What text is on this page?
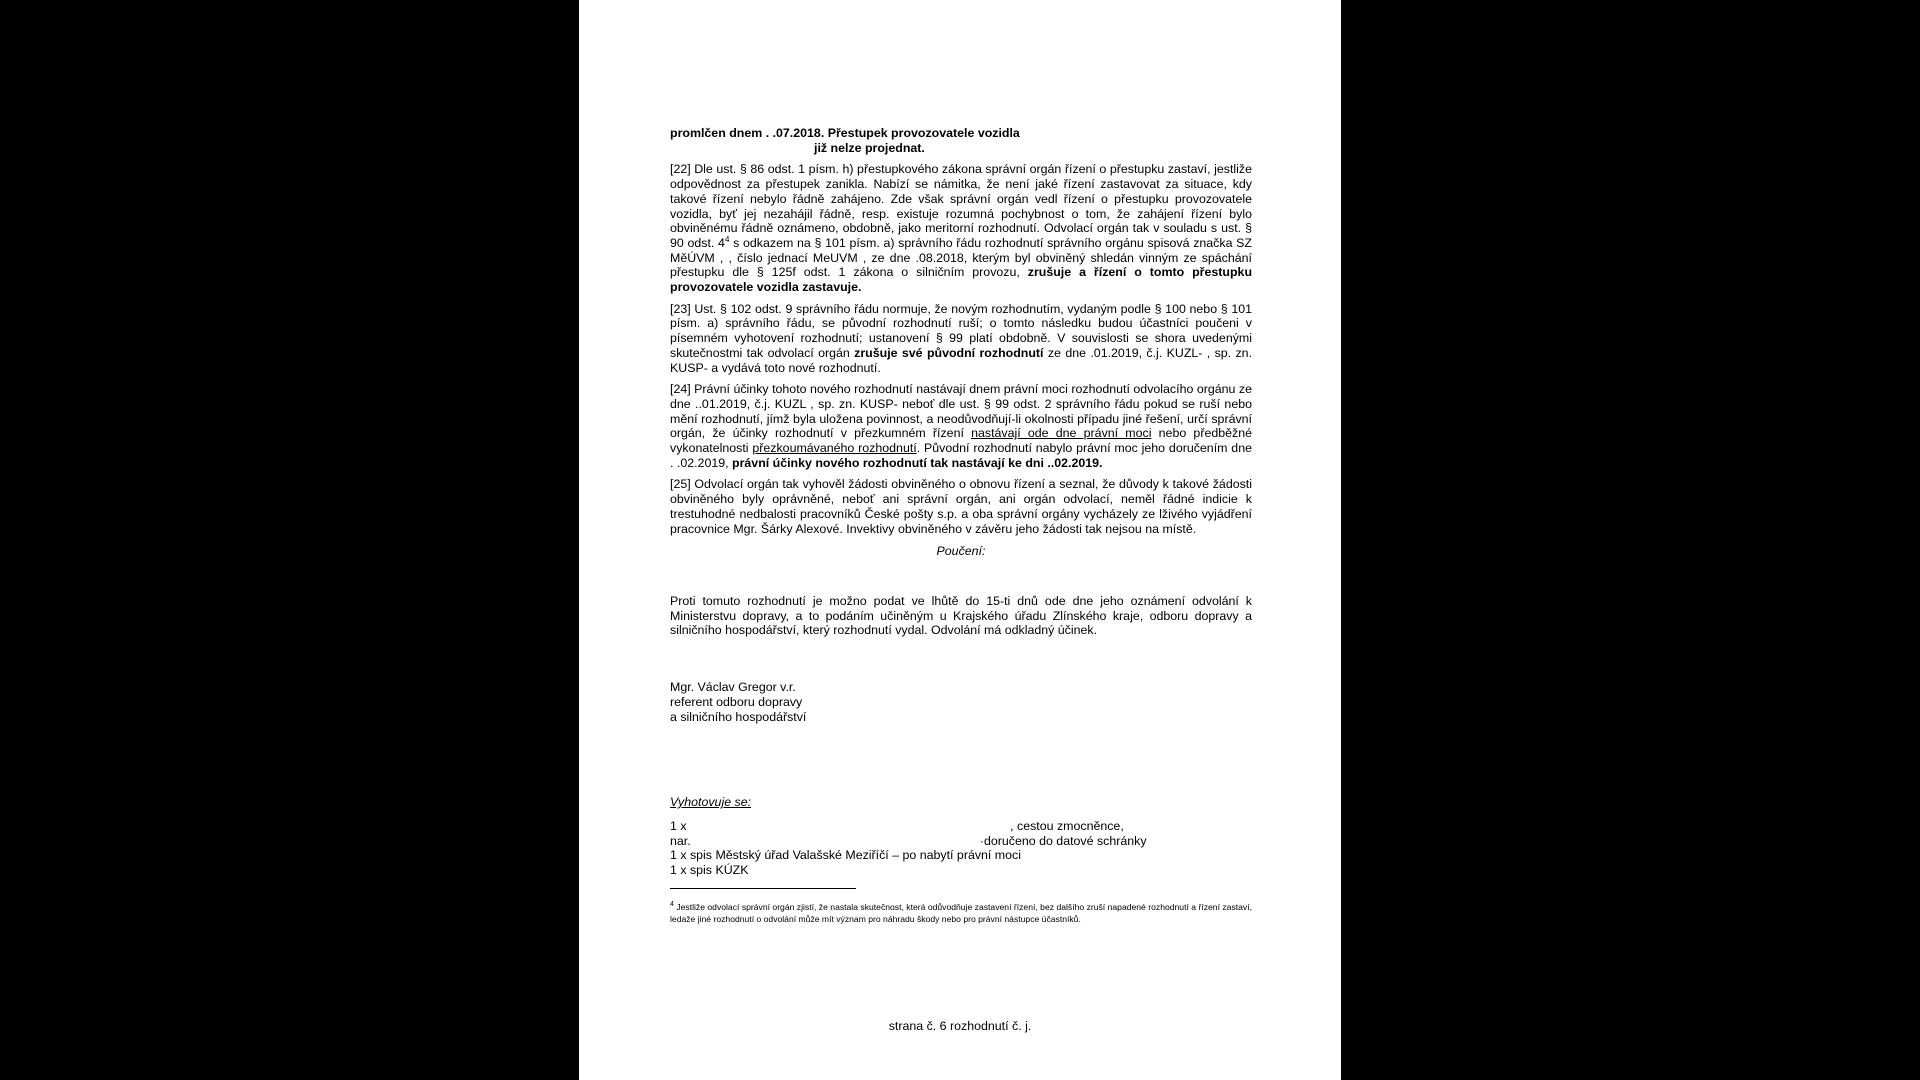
promlčen dnem . .07.2018. Přestupek provozovatele vozidla
již nelze projednat.

[22] Dle ust. § 86 odst. 1 písm. h) přestupkového zákona správní orgán řízení o přestupku zastaví, jestliže odpovědnost za přestupek zanikla. Nabízí se námitka, že není jaké řízení zastavovat za situace, kdy takové řízení nebylo řádně zahájeno. Zde však správní orgán vedl řízení o přestupku provozovatele vozidla, byť jej nezahájil řádně, resp. existuje rozumná pochybnost o tom, že zahájení řízení bylo obviněnému řádně oznámeno, obdobně, jako meritorní rozhodnutí. Odvolací orgán tak v souladu s ust. § 90 odst. $4^4$ s odkazem na § 101 písm. a) správního řádu rozhodnutí správního orgánu spisová značka SZ MěÚVM , , číslo jednací MeUVM , ze dne .08.2018, kterým byl obviněný shledán vinným ze spáchání přestupku dle § 125f odst. 1 zákona o silničním provozu, zrušuje a řízení o tomto přestupku provozovatele vozidla zastavuje.

[23] Ust. § 102 odst. 9 správního řádu normuje, že novým rozhodnutím, vydaným podle § 100 nebo § 101 písm. a) správního řádu, se původní rozhodnutí ruší; o tomto následku budou účastníci poučeni v písemném vyhotovení rozhodnutí; ustanovení § 99 platí obdobně. V souvislosti se shora uvedenými skutečnostmi tak odvolací orgán zrušuje své původní rozhodnutí ze dne .01.2019, č.j. KUZL- , sp. zn. KUSP- a vydává toto nové rozhodnutí.

[24] Právní účinky tohoto nového rozhodnutí nastávají dnem právní moci rozhodnutí odvolacího orgánu ze dne ..01.2019, č.j. KUZL , sp. zn. KUSP- neboť dle ust. § 99 odst. 2 správního řádu pokud se ruší nebo mění rozhodnutí, jímž byla uložena povinnost, a neodůvodňují-li okolnosti případu jiné řešení, určí správní orgán, že účinky rozhodnutí v přezkumném řízení nastávají ode dne právní moci nebo předběžné vykonatelnosti přezkoumávaného rozhodnutí. Původní rozhodnutí nabylo právní moc jeho doručením dne . .02.2019, právní účinky nového rozhodnutí tak nastávají ke dni ..02.2019.

[25] Odvolací orgán tak vyhověl žádosti obviněného o obnovu řízení a seznal, že důvody k takové žádosti obviněného byly oprávněné, neboť ani správní orgán, ani orgán odvolací, neměl řádné indicie k trestuhodné nedbalosti pracovníků České pošty s.p. a oba správní orgány vycházely ze lživého vyjádření pracovnice Mgr. Šárky Alexové. Invektivy obviněného v závěru jeho žádosti tak nejsou na místě.

Poučení:

Proti tomuto rozhodnutí je možno podat ve lhůtě do 15-ti dnů ode dne jeho oznámení odvolání k Ministerstvu dopravy, a to podáním učiněným u Krajského úřadu Zlínského kraje, odboru dopravy a silničního hospodářství, který rozhodnutí vydal. Odvolání má odkladný účinek.

Mgr. Václav Gregor v.r.
referent odboru dopravy
a silničního hospodářství
Vyhotovuje se:
1 x                                                                                              , cestou zmocněnce,
nar.                                                                                    ·doručeno do datové schránky
1 x spis Městský úřad Valašské Meziříčí – po nabytí právní moci
1 x spis KÚZK
$^4$ Jestliže odvolací správní orgán zjistí, že nastala skutečnost, která odůvodňuje zastavení řízení, bez dalšího zruší napadené rozhodnutí a řízení zastaví, ledaže jiné rozhodnutí o odvolání může mít význam pro náhradu škody nebo pro právní nástupce účastníků.
strana č. 6 rozhodnutí č. j.
